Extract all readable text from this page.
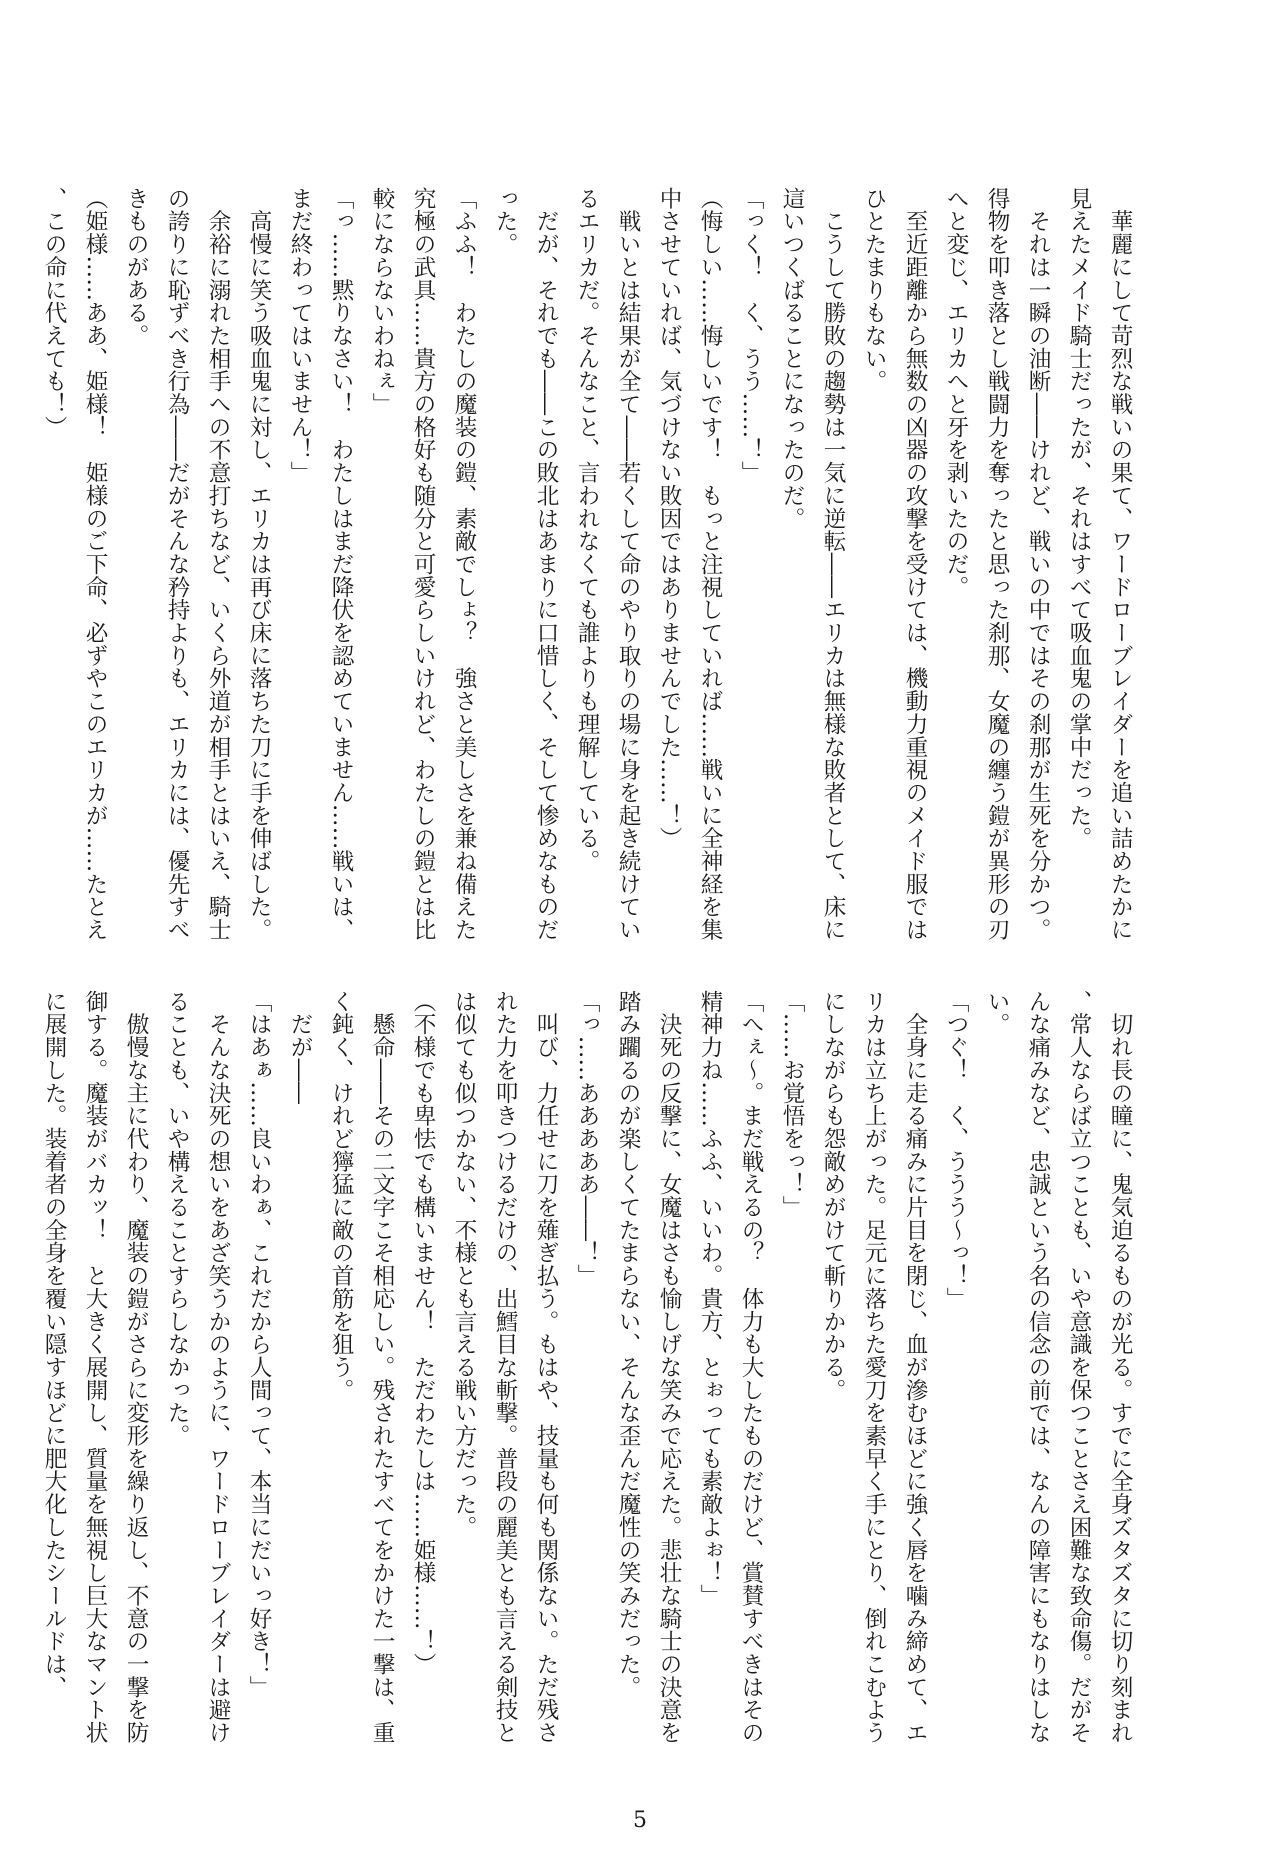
　華麗にして苛烈な戦いの果て、ワードローブレイダーを追い詰めたかに見えたメイド騎士だったが、それはすべて吸血鬼の掌中だった。
　それは一瞬の油断――けれど、戦いの中ではその刹那が生死を分かつ。得物を叩き落とし戦闘力を奪ったと思った刹那、女魔の纏う鎧が異形の刃へと変じ、エリカへと牙を剥いたのだ。
　至近距離から無数の凶器の攻撃を受けては、機動力重視のメイド服ではひとたまりもない。
　こうして勝敗の趨勢は一気に逆転――エリカは無様な敗者として、床に這いつくばることになったのだ。
「っく！　く、うう……！」
（悔しい……悔しいです！　もっと注視していれば……戦いに全神経を集中させていれば、気づけない敗因ではありませんでした……！）
　戦いとは結果が全て――若くして命のやり取りの場に身を起き続けているエリカだ。そんなこと、言われなくても誰よりも理解している。
　だが、それでも――この敗北はあまりに口惜しく、そして惨めなものだった。
「ふふ！　わたしの魔装の鎧、素敵でしょ？　強さと美しさを兼ね備えた究極の武具……貴方の格好も随分と可愛らしいけれど、わたしの鎧とは比較にならないわねぇ」
「っ……黙りなさい！　わたしはまだ降伏を認めていません……戦いは、まだ終わってはいません！」
　高慢に笑う吸血鬼に対し、エリカは再び床に落ちた刀に手を伸ばした。
　余裕に溺れた相手への不意打ちなど、いくら外道が相手とはいえ、騎士の誇りに恥ずべき行為――だがそんな矜持よりも、エリカには、優先すべきものがある。
（姫様……ああ、姫様！　姫様のご下命、必ずやこのエリカが……たとえ、この命に代えても！）
　切れ長の瞳に、鬼気迫るものが光る。すでに全身ズタズタに切り刻まれ、常人ならば立つことも、いや意識を保つことさえ困難な致命傷。だがそんな痛みなど、忠誠という名の信念の前では、なんの障害にもなりはしない。
「つぐ！　く、ううう～っ！」
　全身に走る痛みに片目を閉じ、血が滲むほどに強く唇を噛み締めて、エリカは立ち上がった。足元に落ちた愛刀を素早く手にとり、倒れこむようにしながらも怨敵めがけて斬りかかる。
「……お覚悟をっ！」
「へぇ～。まだ戦えるの？　体力も大したものだけど、賞賛すべきはその精神力ね……ふふ、いいわ。貴方、とぉっても素敵よぉ！」
　決死の反撃に、女魔はさも愉しげな笑みで応えた。悲壮な騎士の決意を踏み躙るのが楽しくてたまらない、そんな歪んだ魔性の笑みだった。
「っ……あああああ――！」
　叫び、力任せに刀を薙ぎ払う。もはや、技量も何も関係ない。ただ残された力を叩きつけるだけの、出鱈目な斬撃。普段の麗美とも言える剣技とは似ても似つかない、不様とも言える戦い方だった。
（不様でも卑怯でも構いません！　ただわたしは……姫様……！）
　懸命――その二文字こそ相応しい。残されたすべてをかけた一撃は、重く鈍く、けれど獰猛に敵の首筋を狙う。
　だが――
「はあぁ……良いわぁ、これだから人間って、本当にだいっ好き！」
　そんな決死の想いをあざ笑うかのように、ワードローブレイダーは避けることも、いや構えることすらしなかった。
　傲慢な主に代わり、魔装の鎧がさらに変形を繰り返し、不意の一撃を防御する。魔装がバカッ！　と大きく展開し、質量を無視し巨大なマント状に展開した。装着者の全身を覆い隠すほどに肥大化したシールドは、
5
